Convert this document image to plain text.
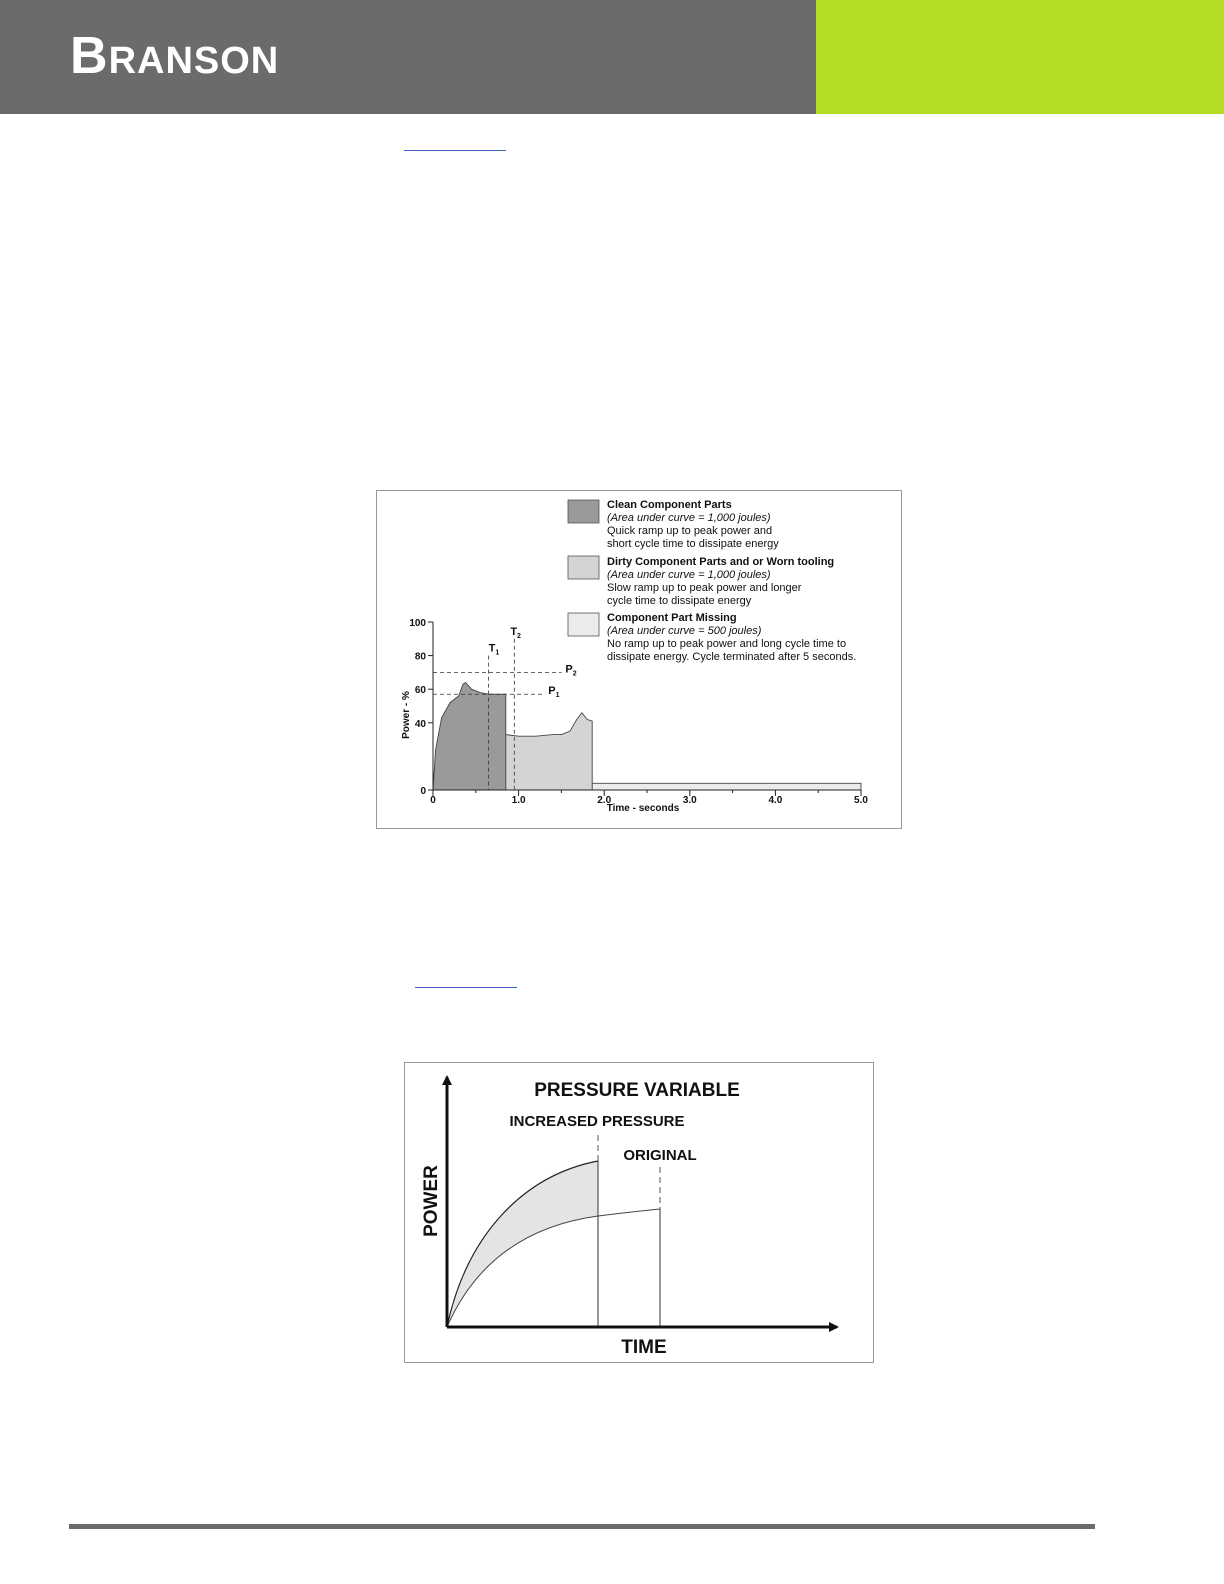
BRANSON
Clean Component Parts
(Area under curve = 1,000 joules)
Quick ramp up to peak power and
short cycle time to dissipate energy
Dirty Component Parts and or Worn tooling
(Area under curve = 1,000 joules)
Slow ramp up to peak power and longer
cycle time to dissipate energy
Component Part Missing
(Area under curve = 500 joules)
No ramp up to peak power and long cycle time to
dissipate energy. Cycle terminated after 5 seconds.
0
40
60
80
100
0	1.0	2.0	3.0	4.0	5.0
$T_1$
$T_2$
$P_1$
$P_2$
Power - %
Time - seconds
PRESSURE VARIABLE
INCREASED PRESSURE
ORIGINAL
TIME
POWER
